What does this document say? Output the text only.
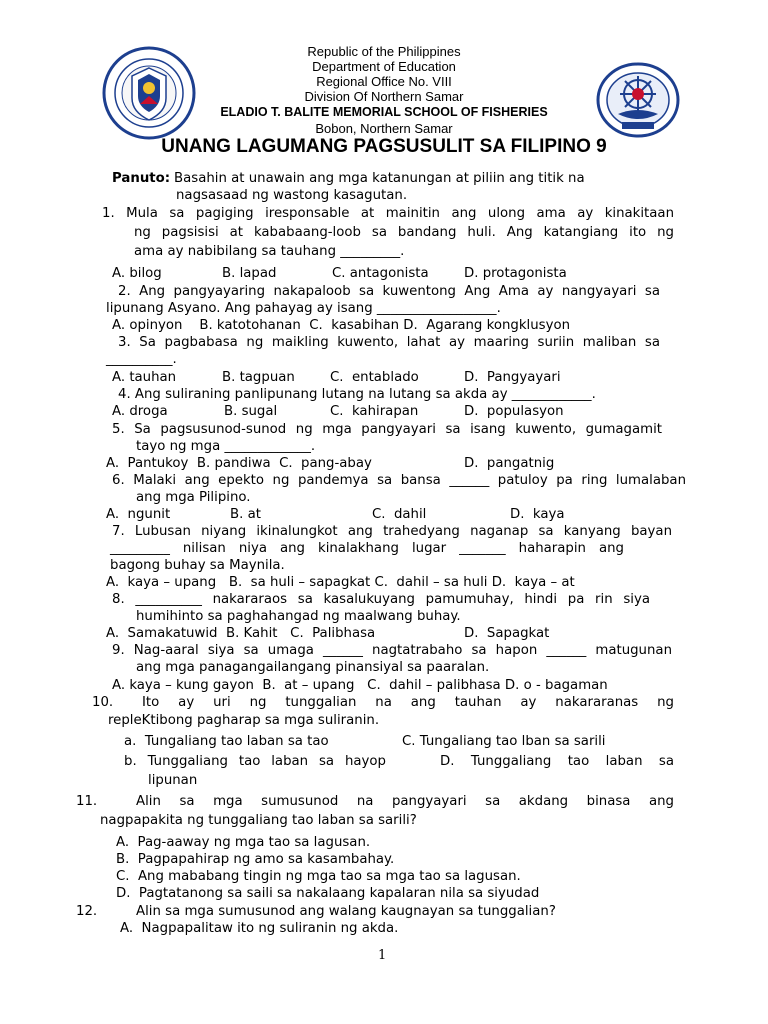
Republic of the Philippines
Department of Education
Regional Office No. VIII
Division Of Northern Samar
ELADIO T. BALITE MEMORIAL SCHOOL OF FISHERIES
Bobon, Northern Samar
UNANG LAGUMANG PAGSUSULIT SA FILIPINO 9
Panuto: Basahin at unawain ang mga katanungan at piliin ang titik na
nagsasaad ng wastong kasagutan.
1. Mula sa pagiging iresponsable at mainitin ang ulong ama ay kinakitaan
ng pagsisisi at kababaang-loob sa bandang huli. Ang katangiang ito ng
ama ay nabibilang sa tauhang _________.
A. bilog	B. lapad	C. antagonista	D. protagonista
2. Ang pangyayaring nakapaloob sa kuwentong Ang Ama ay nangyayari sa
lipunang Asyano. Ang pahayag ay isang __________________.
A. opinyon    B. katotohanan  C.  kasabihan D.  Agarang kongklusyon
3. Sa pagbabasa ng maikling kuwento, lahat ay maaring suriin maliban sa
__________.
A. tauhan	B. tagpuan	C.  entablado	D.  Pangyayari
4. Ang suliraning panlipunang lutang na lutang sa akda ay ____________.
A. droga	B. sugal	C.  kahirapan	D.  populasyon
5. Sa pagsusunod-sunod ng mga pangyayari sa isang kuwento, gumagamit
tayo ng mga _____________.
A.  Pantukoy  B. pandiwa  C.  pang-abay	D.  pangatnig
6. Malaki ang epekto ng pandemya sa bansa ______ patuloy pa ring lumalaban
ang mga Pilipino.
A.  ngunit	B. at	C.  dahil	D.  kaya
7. Lubusan niyang ikinalungkot ang trahedyang naganap sa kanyang bayan
_________ nilisan niya ang kinalakhang lugar _______ haharapin ang
bagong buhay sa Maynila.
A.  kaya – upang   B.  sa huli – sapagkat C.  dahil – sa huli D.  kaya – at
8. __________ nakararaos sa kasalukuyang pamumuhay, hindi pa rin siya
humihinto sa paghahangad ng maalwang buhay.
A.  Samakatuwid  B. Kahit   C.  Palibhasa	D.  Sapagkat
9. Nag-aaral siya sa umaga ______ nagtatrabaho sa hapon ______ matugunan
ang mga panagangailangang pinansiyal sa paaralan.
A. kaya – kung gayon  B.  at – upang   C.  dahil – palibhasa D. o - bagaman
10. Ito ay uri ng tunggalian na ang tauhan ay nakararanas ng
repleKtibong pagharap sa mga suliranin.
a.  Tungaliang tao laban sa tao	C. Tungaliang tao lban sa sarili
b. Tunggaliang tao laban sa hayop	D. Tunggaliang tao laban sa
lipunan
11.	Alin sa mga sumusunod na pangyayari sa akdang binasa ang
nagpapakita ng tunggaliang tao laban sa sarili?
A.  Pag-aaway ng mga tao sa lagusan.
B.  Pagpapahirap ng amo sa kasambahay.
C.  Ang mababang tingin ng mga tao sa mga tao sa lagusan.
D.  Pagtatanong sa saili sa nakalaang kapalaran nila sa siyudad
12.	Alin sa mga sumusunod ang walang kaugnayan sa tunggalian?
A.  Nagpapalitaw ito ng suliranin ng akda.
1
